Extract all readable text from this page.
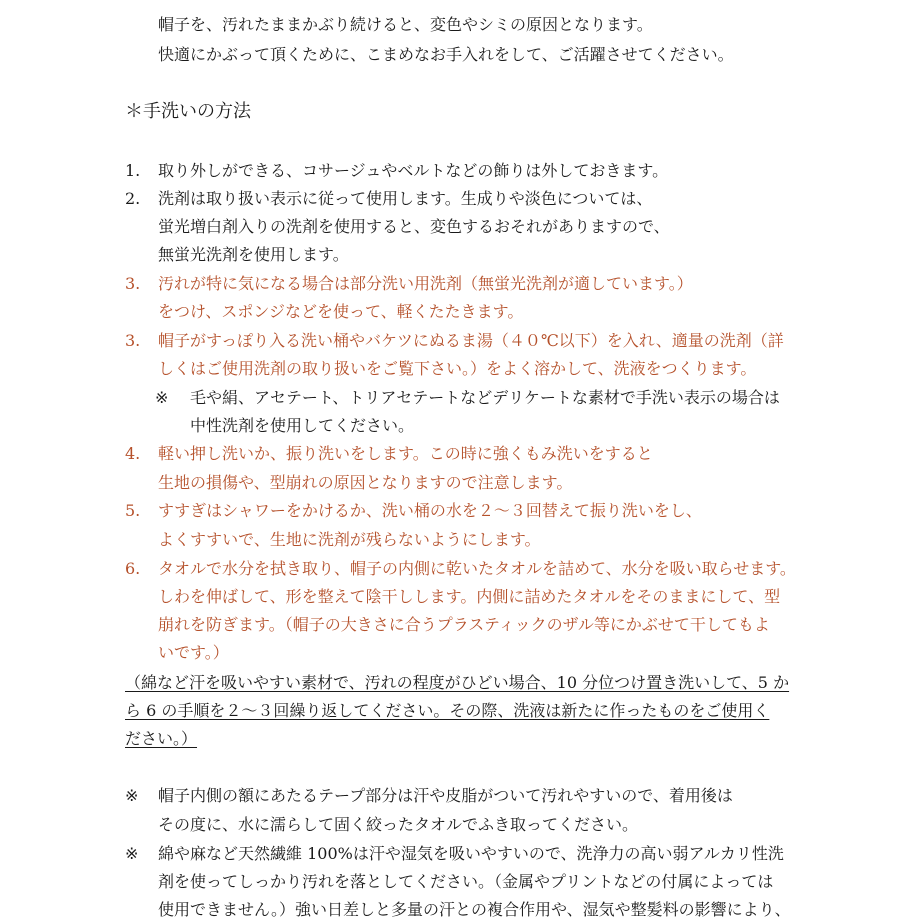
帽子を、汚れたままかぶり続けると、変色やシミの原因となります。
快適にかぶって頂くために、こまめなお手入れをして、ご活躍させてください。
＊手洗いの方法
1. 取り外しができる、コサージュやベルトなどの飾りは外しておきます。
2. 洗剤は取り扱い表示に従って使用します。生成りや淡色については、
蛍光増白剤入りの洗剤を使用すると、変色するおそれがありますので、
無蛍光洗剤を使用します。
3. 汚れが特に気になる場合は部分洗い用洗剤（無蛍光洗剤が適しています。）
をつけ、スポンジなどを使って、軽くたたきます。
3. 帽子がすっぽり入る洗い桶やバケツにぬるま湯（４０℃以下）を入れ、適量の洗剤（詳
しくはご使用洗剤の取り扱いをご覧下さい。）をよく溶かして、洗液をつくります。
※ 毛や絹、アセテート、トリアセテートなどデリケートな素材で手洗い表示の場合は
中性洗剤を使用してください。
4. 軽い押し洗いか、振り洗いをします。この時に強くもみ洗いをすると
生地の損傷や、型崩れの原因となりますので注意します。
5. すすぎはシャワーをかけるか、洗い桶の水を２～３回替えて振り洗いをし、
よくすすいで、生地に洗剤が残らないようにします。
6. タオルで水分を拭き取り、帽子の内側に乾いたタオルを詰めて、水分を吸い取らせます。
しわを伸ばして、形を整えて陰干しします。内側に詰めたタオルをそのままにして、型
崩れを防ぎます。（帽子の大きさに合うプラスティックのザル等にかぶせて干してもよ
いです。）
（綿など汗を吸いやすい素材で、汚れの程度がひどい場合、10 分位つけ置き洗いして、5 か
ら 6 の手順を２～３回繰り返してください。その際、洗液は新たに作ったものをご使用く
ださい。）
※ 帽子内側の額にあたるテープ部分は汗や皮脂がついて汚れやすいので、着用後は
その度に、水に濡らして固く絞ったタオルでふき取ってください。
※ 綿や麻など天然繊維 100%は汗や湿気を吸いやすいので、洗浄力の高い弱アルカリ性洗
剤を使ってしっかり汚れを落としてください。（金属やプリントなどの付属によっては
使用できません。）強い日差しと多量の汗との複合作用や、湿気や整髪料の影響により、
